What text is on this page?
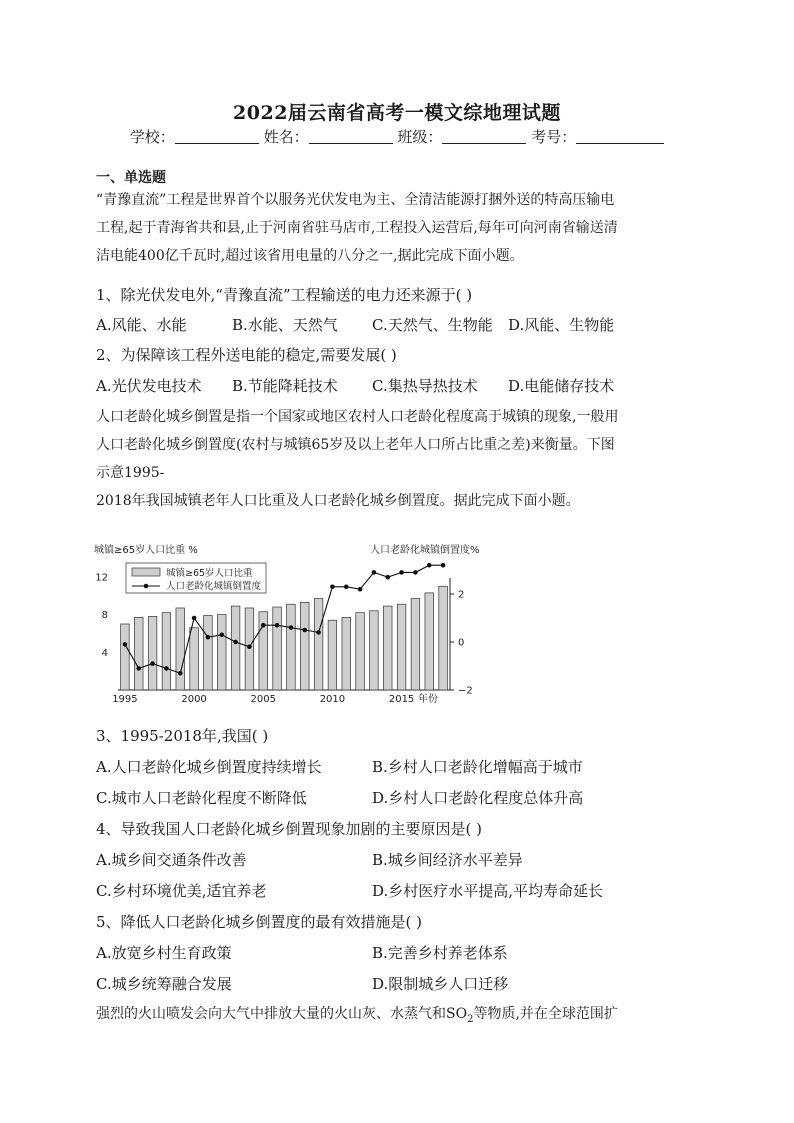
2022届云南省高考一模文综地理试题
学校：	姓名：	班级：	考号：
一、单选题
“青豫直流”工程是世界首个以服务光伏发电为主、全清洁能源打捆外送的特高压输电
工程,起于青海省共和县,止于河南省驻马店市,工程投入运营后,每年可向河南省输送清
洁电能400亿千瓦时,超过该省用电量的八分之一,据此完成下面小题。
1、除光伏发电外,“青豫直流”工程输送的电力还来源于( )
A.风能、水能	B.水能、天然气 C.天然气、生物能 D.风能、生物能
2、为保障该工程外送电能的稳定,需要发展( )
A.光伏发电技术 B.节能降耗技术 C.集热导热技术 D.电能储存技术
人口老龄化城乡倒置是指一个国家或地区农村人口老龄化程度高于城镇的现象,一般用
人口老龄化城乡倒置度(农村与城镇65岁及以上老年人口所占比重之差)来衡量。下图
示意1995-
2018年我国城镇老年人口比重及人口老龄化城乡倒置度。据此完成下面小题。
城镇≥65岁人口比重 %	人口老龄化城镇倒置度%
4
8
12
−2
0
2
1995	2000	2005	2010	2015 年份
城镇≥65岁人口比重
人口老龄化城镇倒置度
3、1995-2018年,我国( )
A.人口老龄化城乡倒置度持续增长	B.乡村人口老龄化增幅高于城市
C.城市人口老龄化程度不断降低	D.乡村人口老龄化程度总体升高
4、导致我国人口老龄化城乡倒置现象加剧的主要原因是( )
A.城乡间交通条件改善	B.城乡间经济水平差异
C.乡村环境优美,适宜养老	D.乡村医疗水平提高,平均寿命延长
5、降低人口老龄化城乡倒置度的最有效措施是( )
A.放宽乡村生育政策	B.完善乡村养老体系
C.城乡统筹融合发展	D.限制城乡人口迁移
强烈的火山喷发会向大气中排放大量的火山灰、水蒸气和$SO_2$等物质,并在全球范围扩
